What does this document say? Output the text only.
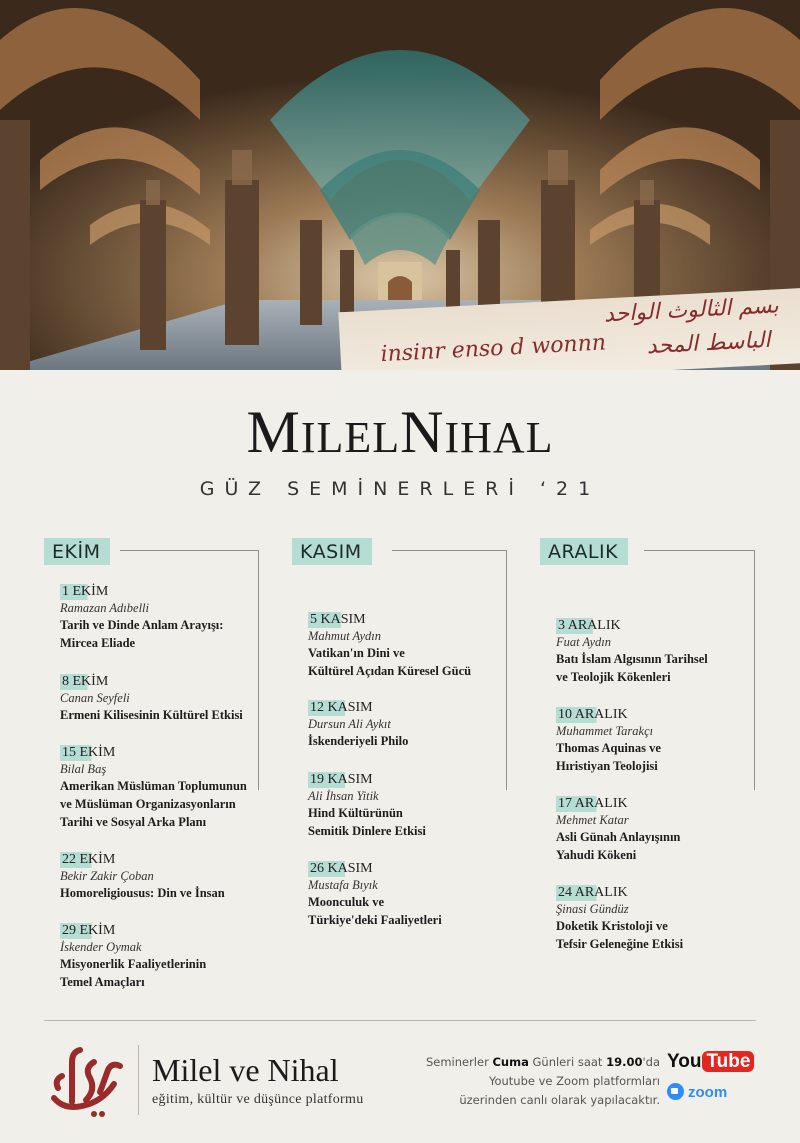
بسم الثالوث الواحد
insinr enso d wonnn الباسط المحد
MILELNIHAL
GÜZ SEMİNERLERİ ‘21
EKİM
1 EKİM
Ramazan Adıbelli
Tarih ve Dinde Anlam Arayışı:
Mircea Eliade
8 EKİM
Canan Seyfeli
Ermeni Kilisesinin Kültürel Etkisi
15 EKİM
Bilal Baş
Amerikan Müslüman Toplumunun
ve Müslüman Organizasyonların
Tarihi ve Sosyal Arka Planı
22 EKİM
Bekir Zakir Çoban
Homoreligiousus: Din ve İnsan
29 EKİM
İskender Oymak
Misyonerlik Faaliyetlerinin
Temel Amaçları
KASIM
5 KASIM
Mahmut Aydın
Vatikan'ın Dini ve
Kültürel Açıdan Küresel Gücü
12 KASIM
Dursun Ali Aykıt
İskenderiyeli Philo
19 KASIM
Ali İhsan Yitik
Hind Kültürünün
Semitik Dinlere Etkisi
26 KASIM
Mustafa Bıyık
Moonculuk ve
Türkiye'deki Faaliyetleri
ARALIK
3 ARALIK
Fuat Aydın
Batı İslam Algısının Tarihsel
ve Teolojik Kökenleri
10 ARALIK
Muhammet Tarakçı
Thomas Aquinas ve
Hıristiyan Teolojisi
17 ARALIK
Mehmet Katar
Asli Günah Anlayışının
Yahudi Kökeni
24 ARALIK
Şinasi Gündüz
Doketik Kristoloji ve
Tefsir Geleneğine Etkisi
Milel ve Nihal
eğitim, kültür ve düşünce platformu
Seminerler Cuma Günleri saat 19.00'da
Youtube ve Zoom platformları
üzerinden canlı olarak yapılacaktır.
You Tube
zoom
